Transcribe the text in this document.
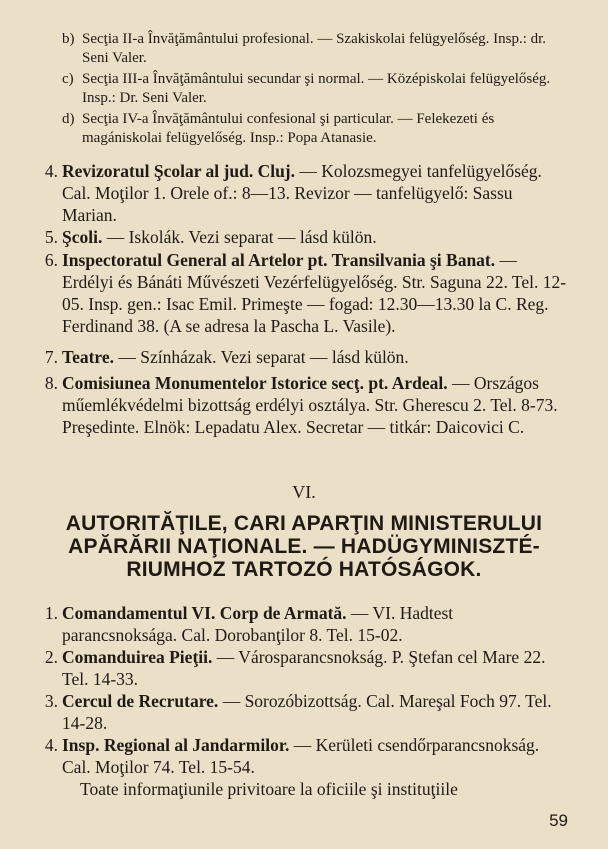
b) Secţia II-a Învăţământului profesional. — Szakiskolai felügyelőség. Insp.: dr. Seni Valer.
c) Secţia III-a Învăţământului secundar şi normal. — Középiskolai felügyelőség. Insp.: Dr. Seni Valer.
d) Secţia IV-a Învăţământului confesional şi particular. — Felekezeti és magániskolai felügyelőség. Insp.: Popa Atanasie.
4. Revizoratul Şcolar al jud. Cluj. — Kolozsmegyei tanfelügyelőség. Cal. Moţilor 1. Orele of.: 8—13. Revizor — tanfelügyelő: Sassu Marian.
5. Şcoli. — Iskolák. Vezi separat — lásd külön.
6. Inspectoratul General al Artelor pt. Transilvania şi Banat. — Erdélyi és Bánáti Művészeti Vezérfelügyelőség. Str. Saguna 22. Tel. 12-05. Insp. gen.: Isac Emil. Primeşte — fogad: 12.30—13.30 la C. Reg. Ferdinand 38. (A se adresa la Pascha L. Vasile).
7. Teatre. — Színházak. Vezi separat — lásd külön.
8. Comisiunea Monumentelor Istorice secţ. pt. Ardeal. — Országos műemlékvédelmi bizottság erdélyi osztálya. Str. Gherescu 2. Tel. 8-73. Preşedinte. Elnök: Lepadatu Alex. Secretar — titkár: Daicovici C.
VI.
AUTORITĂŢILE, CARI APARŢIN MINISTERULUI
APĂRĂRII NAŢIONALE. — HADÜGYMINISZTÉ-
RIUMHOZ TARTOZÓ HATÓSÁGOK.
1. Comandamentul VI. Corp de Armată. — VI. Hadtest parancsnoksága. Cal. Dorobanţilor 8. Tel. 15-02.
2. Comanduirea Pieţii. — Városparancsnokság. P. Ştefan cel Mare 22. Tel. 14-33.
3. Cercul de Recrutare. — Sorozóbizottság. Cal. Mareşal Foch 97. Tel. 14-28.
4. Insp. Regional al Jandarmilor. — Kerületi csendőrparancsnokság. Cal. Moţilor 74. Tel. 15-54.
Toate informaţiunile privitoare la oficiile şi instituţiile
59
